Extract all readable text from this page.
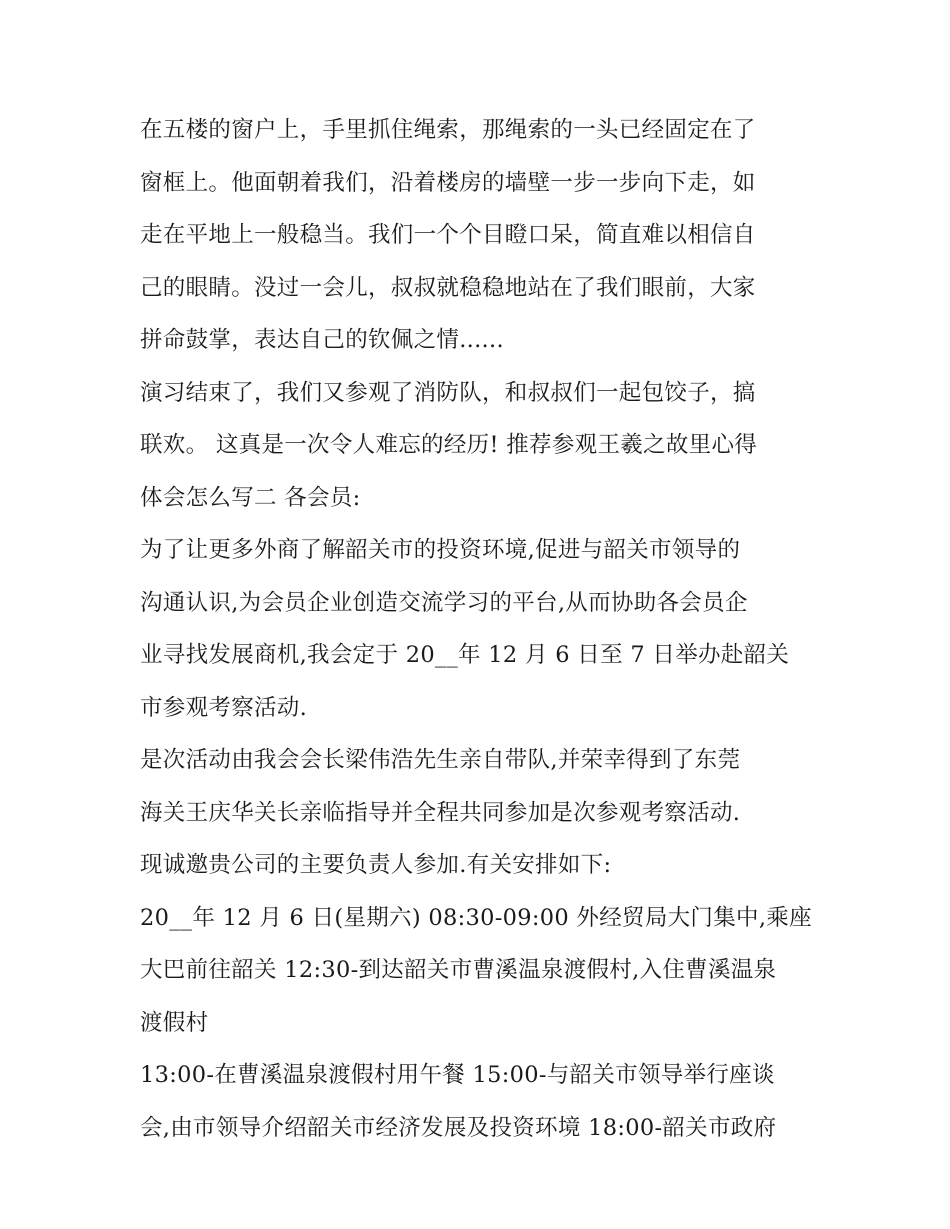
在五楼的窗户上，手里抓住绳索，那绳索的一头已经固定在了
窗框上。他面朝着我们，沿着楼房的墙壁一步一步向下走，如
走在平地上一般稳当。我们一个个目瞪口呆，简直难以相信自
己的眼睛。没过一会儿，叔叔就稳稳地站在了我们眼前，大家
拼命鼓掌，表达自己的钦佩之情......
演习结束了，我们又参观了消防队，和叔叔们一起包饺子，搞
联欢。 这真是一次令人难忘的经历! 推荐参观王羲之故里心得
体会怎么写二 各会员:
为了让更多外商了解韶关市的投资环境,促进与韶关市领导的
沟通认识,为会员企业创造交流学习的平台,从而协助各会员企
业寻找发展商机,我会定于 20__年 12 月 6 日至 7 日举办赴韶关
市参观考察活动.
是次活动由我会会长梁伟浩先生亲自带队,并荣幸得到了东莞
海关王庆华关长亲临指导并全程共同参加是次参观考察活动.
现诚邀贵公司的主要负责人参加.有关安排如下:
20__年 12 月 6 日(星期六) 08:30-09:00 外经贸局大门集中,乘座
大巴前往韶关 12:30-到达韶关市曹溪温泉渡假村,入住曹溪温泉
渡假村
13:00-在曹溪温泉渡假村用午餐 15:00-与韶关市领导举行座谈
会,由市领导介绍韶关市经济发展及投资环境 18:00-韶关市政府
